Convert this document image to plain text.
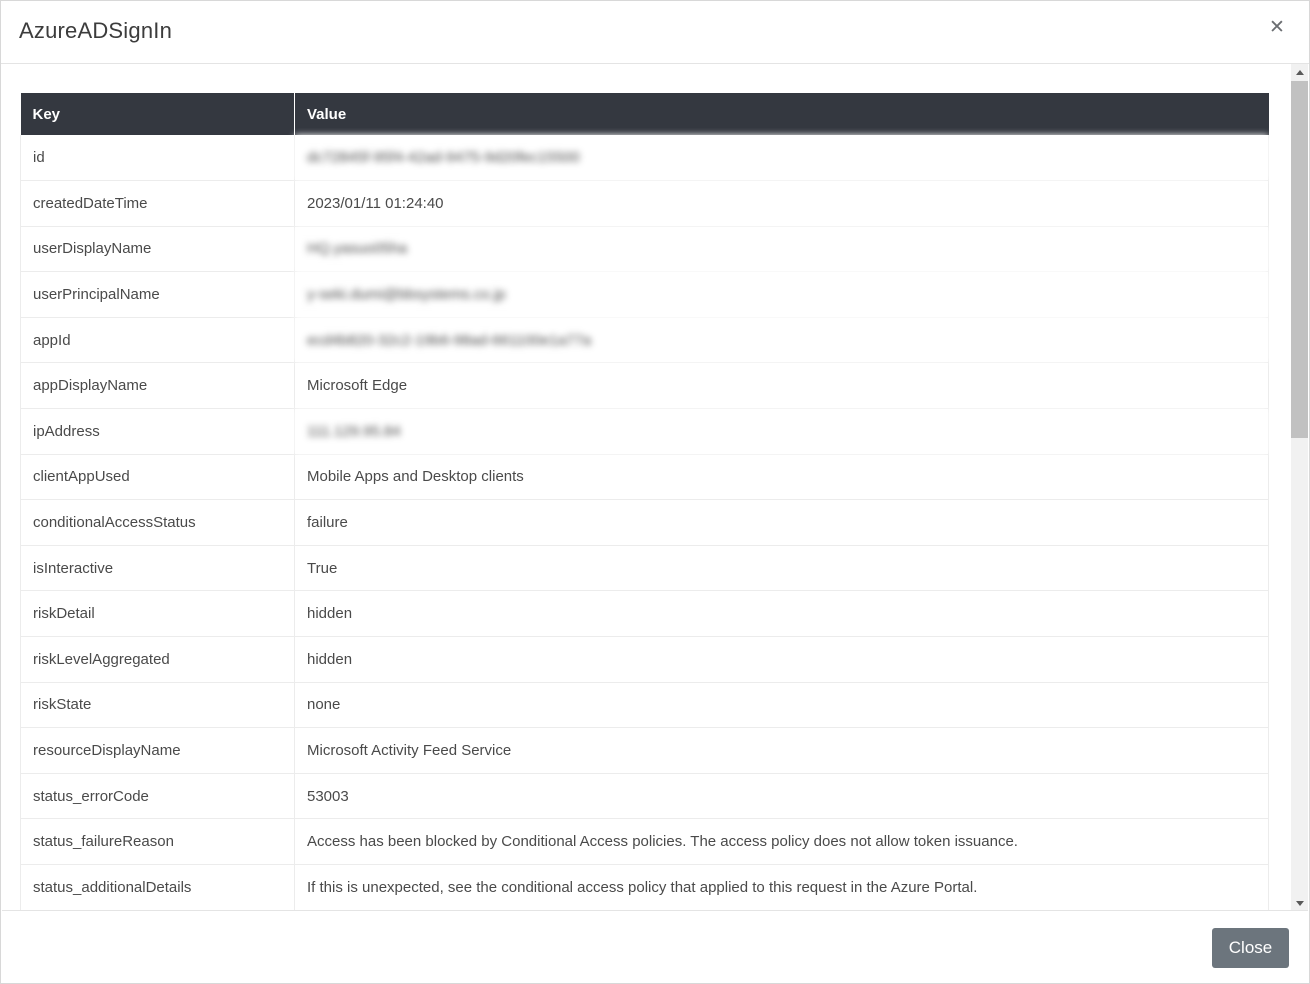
AzureADSignIn	✕
Key	Value
id	dc72845f-95f4-42ad-9475-9d20fec15500
createdDateTime	2023/01/11 01:24:40
userDisplayName	HQ.yasuo05ha
userPrincipalName	y-seki.dumi@bbsystems.co.jp
appId	ecd4b820-32c2-19b6-98ad-661100e1a77a
appDisplayName	Microsoft Edge
ipAddress	111.129.95.84
clientAppUsed	Mobile Apps and Desktop clients
conditionalAccessStatus	failure
isInteractive	True
riskDetail	hidden
riskLevelAggregated	hidden
riskState	none
resourceDisplayName	Microsoft Activity Feed Service
status_errorCode	53003
status_failureReason	Access has been blocked by Conditional Access policies. The access policy does not allow token issuance.
status_additionalDetails	If this is unexpected, see the conditional access policy that applied to this request in the Azure Portal.
Close
